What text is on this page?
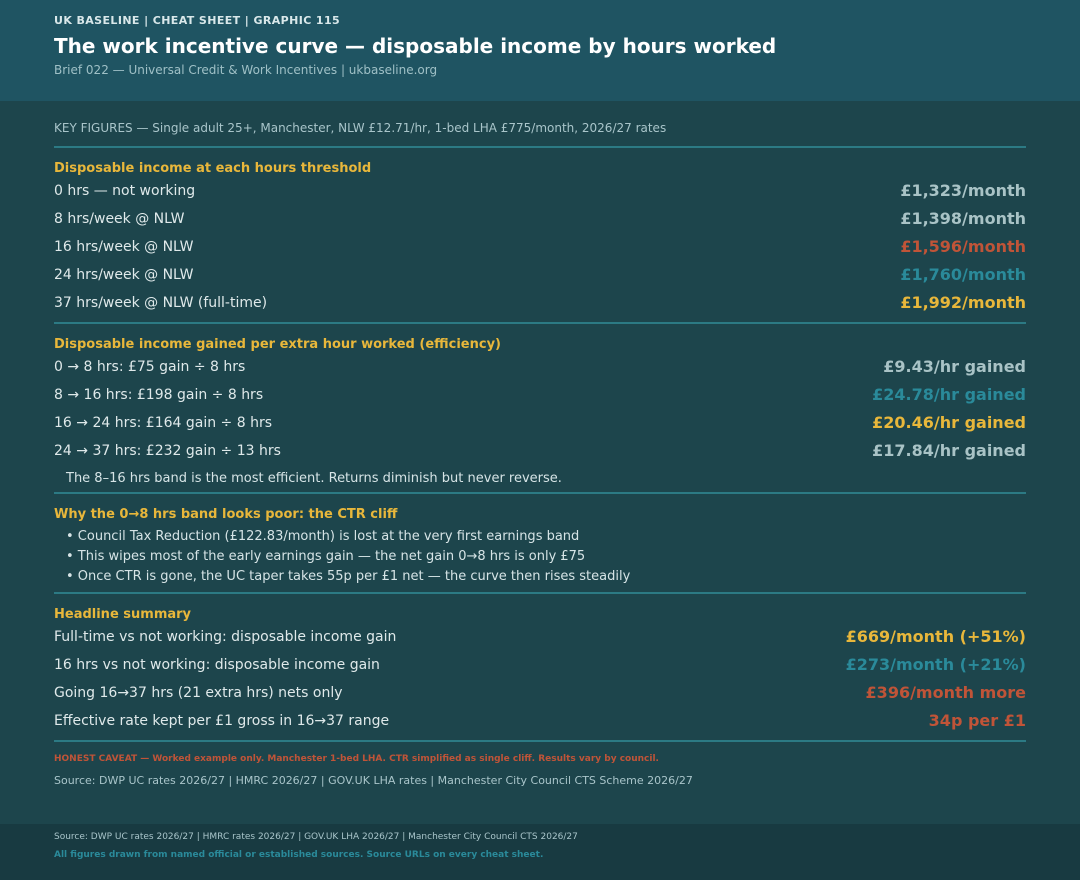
UK BASELINE | CHEAT SHEET | GRAPHIC 115
The work incentive curve — disposable income by hours worked
Brief 022 — Universal Credit & Work Incentives | ukbaseline.org
KEY FIGURES — Single adult 25+, Manchester, NLW £12.71/hr, 1-bed LHA £775/month, 2026/27 rates
Disposable income at each hours threshold
0 hrs — not working	£1,323/month
8 hrs/week @ NLW	£1,398/month
16 hrs/week @ NLW	£1,596/month
24 hrs/week @ NLW	£1,760/month
37 hrs/week @ NLW (full-time)	£1,992/month
Disposable income gained per extra hour worked (efficiency)
0 → 8 hrs: £75 gain ÷ 8 hrs	£9.43/hr gained
8 → 16 hrs: £198 gain ÷ 8 hrs	£24.78/hr gained
16 → 24 hrs: £164 gain ÷ 8 hrs	£20.46/hr gained
24 → 37 hrs: £232 gain ÷ 13 hrs	£17.84/hr gained
The 8–16 hrs band is the most efficient. Returns diminish but never reverse.
Why the 0→8 hrs band looks poor: the CTR cliff
• Council Tax Reduction (£122.83/month) is lost at the very first earnings band
• This wipes most of the early earnings gain — the net gain 0→8 hrs is only £75
• Once CTR is gone, the UC taper takes 55p per £1 net — the curve then rises steadily
Headline summary
Full-time vs not working: disposable income gain	£669/month (+51%)
16 hrs vs not working: disposable income gain	£273/month (+21%)
Going 16→37 hrs (21 extra hrs) nets only	£396/month more
Effective rate kept per £1 gross in 16→37 range	34p per £1
HONEST CAVEAT — Worked example only. Manchester 1-bed LHA. CTR simplified as single cliff. Results vary by council.
Source: DWP UC rates 2026/27 | HMRC 2026/27 | GOV.UK LHA rates | Manchester City Council CTS Scheme 2026/27
Source: DWP UC rates 2026/27 | HMRC rates 2026/27 | GOV.UK LHA 2026/27 | Manchester City Council CTS 2026/27
All figures drawn from named official or established sources. Source URLs on every cheat sheet.
